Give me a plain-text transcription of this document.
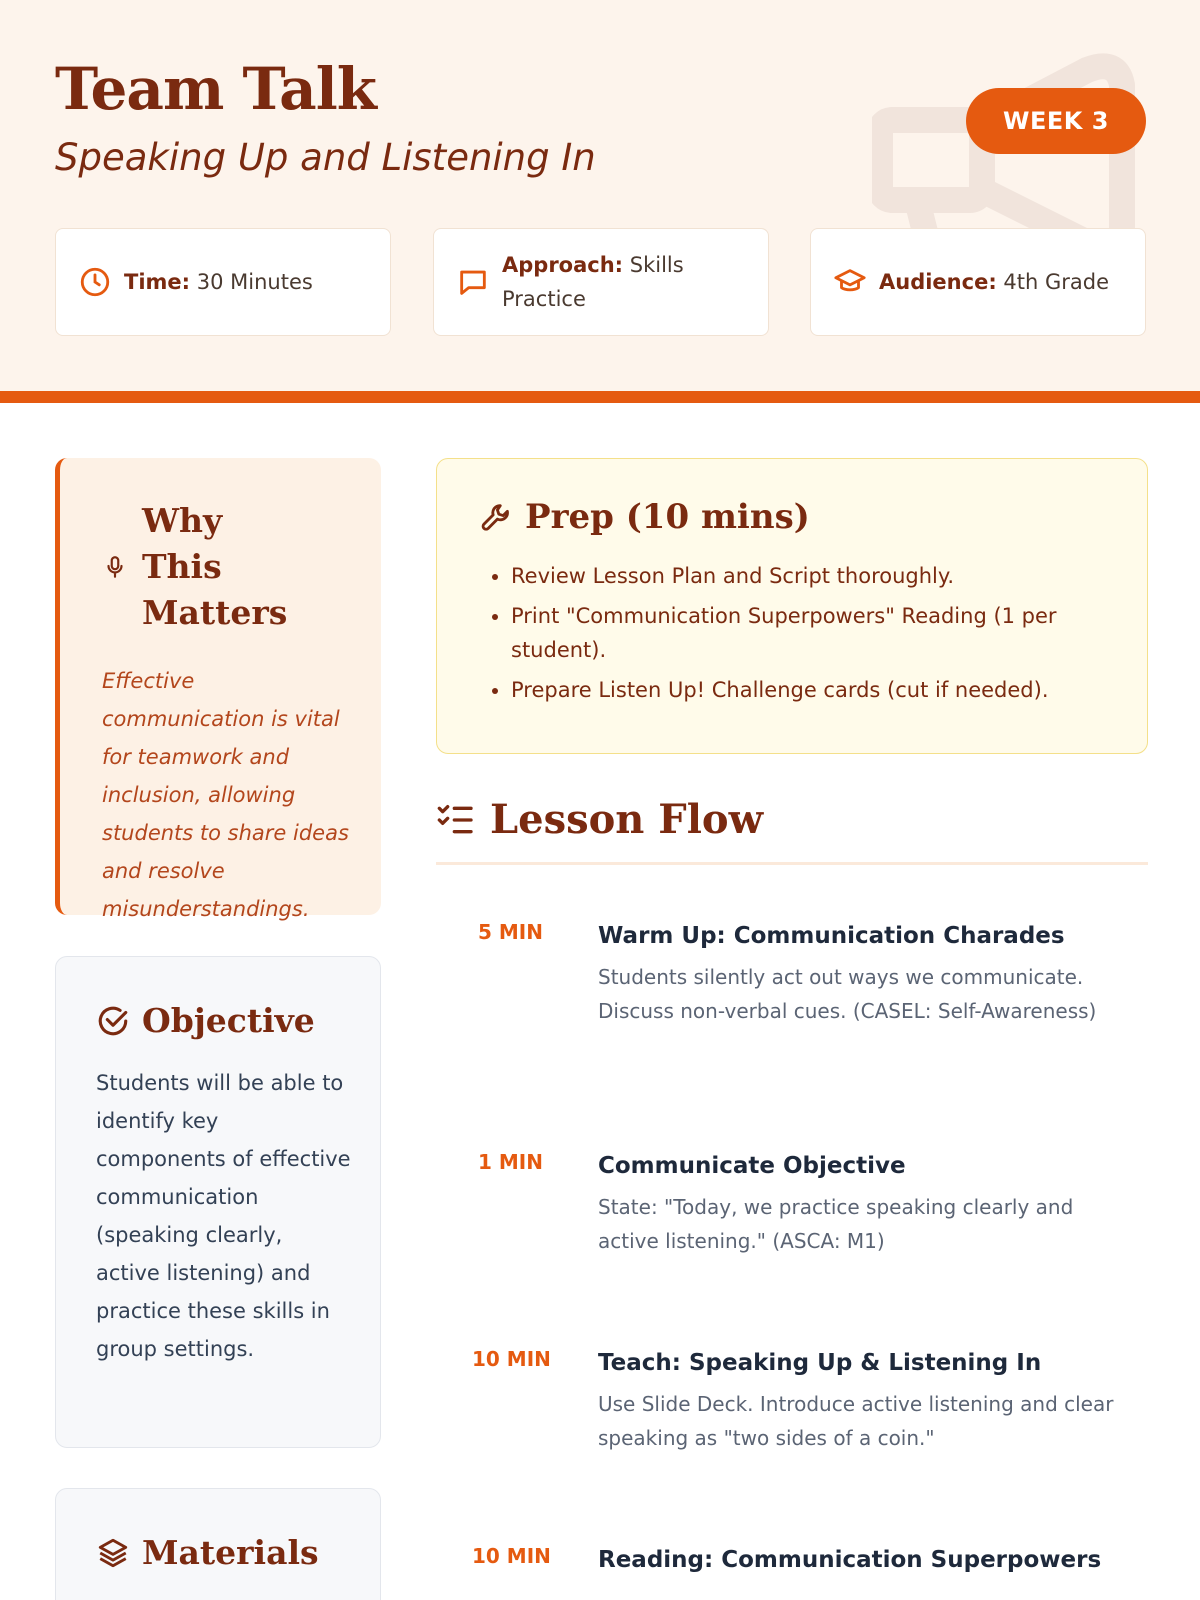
Team Talk
Speaking Up and Listening In
WEEK 3
Time: 30 Minutes
Approach: Skills Practice
Audience: 4th Grade
Why This Matters
Effective communication is vital for teamwork and inclusion, allowing students to share ideas and resolve misunderstandings.
Objective
Students will be able to identify key components of effective communication (speaking clearly, active listening) and practice these skills in group settings.
Materials
Prep (10 mins)
• Review Lesson Plan and Script thoroughly.
• Print "Communication Superpowers" Reading (1 per student).
• Prepare Listen Up! Challenge cards (cut if needed).
Lesson Flow
5 MIN	Warm Up: Communication Charades
Students silently act out ways we communicate. Discuss non-verbal cues. (CASEL: Self-Awareness)
1 MIN	Communicate Objective
State: "Today, we practice speaking clearly and active listening." (ASCA: M1)
10 MIN	Teach: Speaking Up & Listening In
Use Slide Deck. Introduce active listening and clear speaking as "two sides of a coin."
10 MIN	Reading: Communication Superpowers
